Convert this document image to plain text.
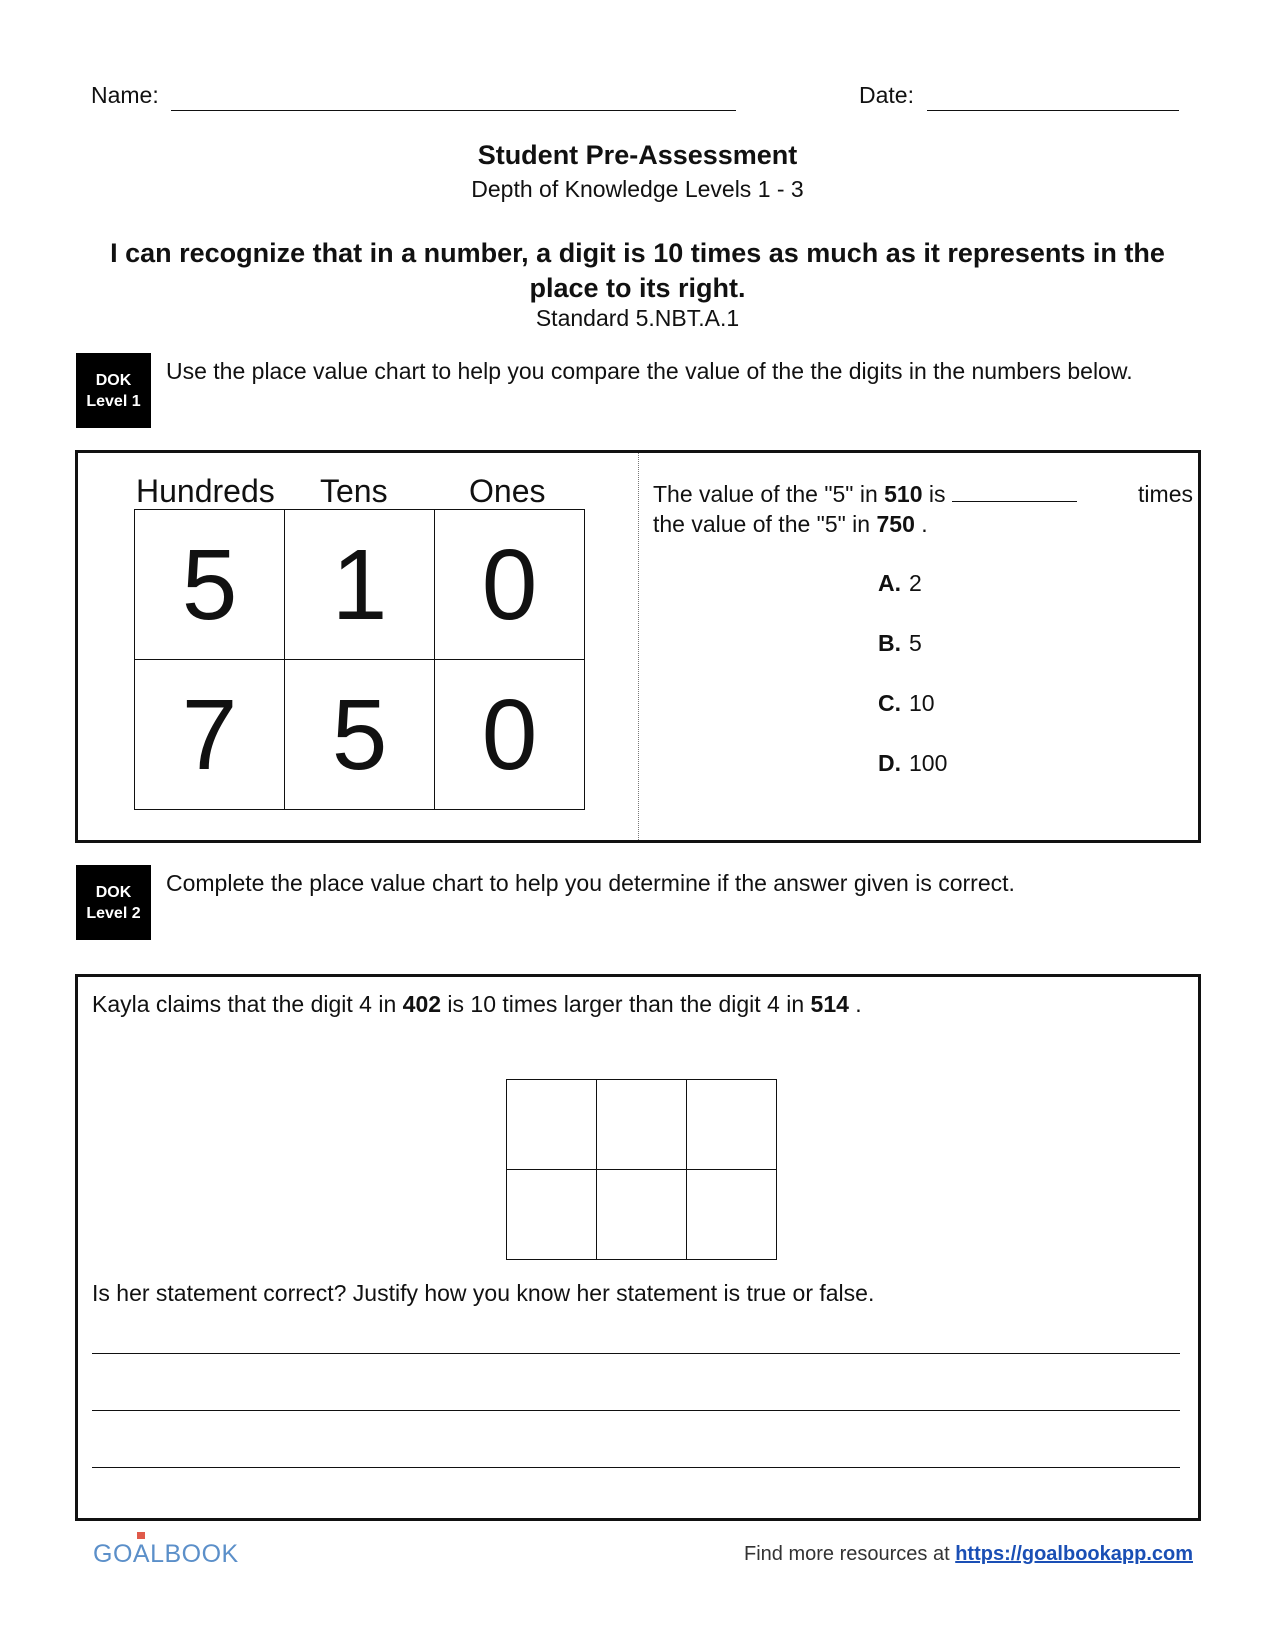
Name:	Date:
Student Pre-Assessment
Depth of Knowledge Levels 1 - 3
I can recognize that in a number, a digit is 10 times as much as it represents in the place to its right.
Standard 5.NBT.A.1
DOK
Level 1
Use the place value chart to help you compare the value of the the digits in the numbers below.
Hundreds Tens	Ones
5	1	0
7	5	0
The value of the "5" in 510 is	times
the value of the "5" in 750 .
A. 2
B. 5
C. 10
D. 100
DOK
Level 2
Complete the place value chart to help you determine if the answer given is correct.
Kayla claims that the digit 4 in 402 is 10 times larger than the digit 4 in 514 .

Is her statement correct? Justify how you know her statement is true or false.
GOALBOOK	Find more resources at https://goalbookapp.com
